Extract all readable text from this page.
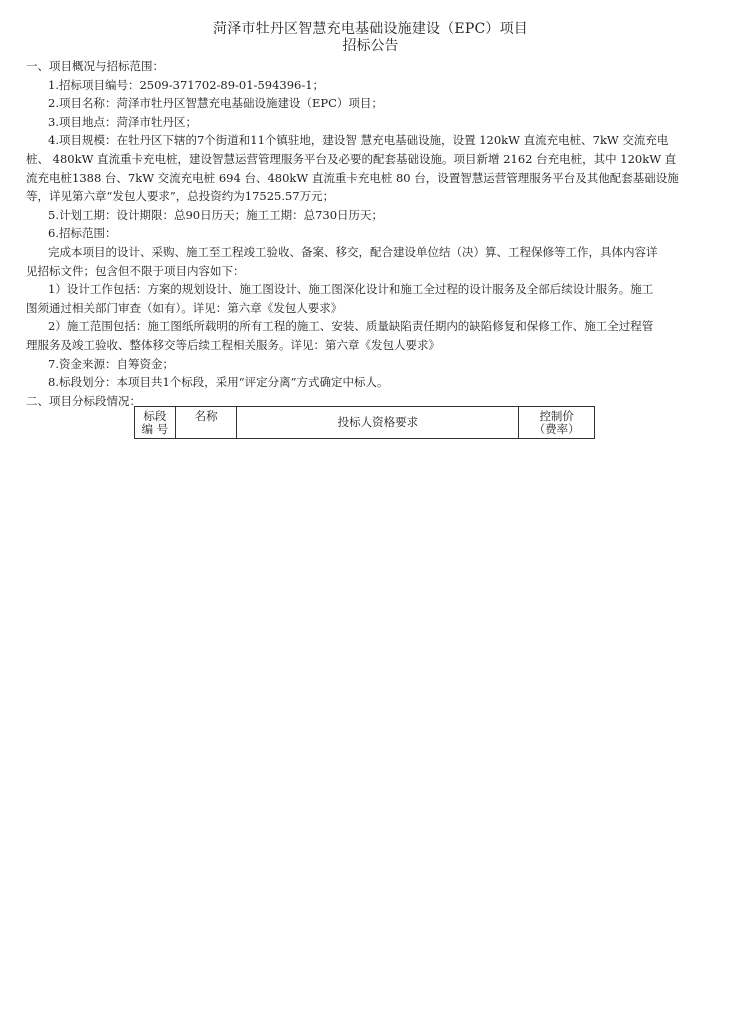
菏泽市牡丹区智慧充电基础设施建设（EPC）项目
招标公告
一、项目概况与招标范围：
1.招标项目编号：2509-371702-89-01-594396-1；
2.项目名称：菏泽市牡丹区智慧充电基础设施建设（EPC）项目；
3.项目地点：菏泽市牡丹区；
4.项目规模：在牡丹区下辖的7个街道和11个镇驻地，建设智 慧充电基础设施，设置 120kW 直流充电桩、7kW 交流充电
桩、 480kW 直流重卡充电桩，建设智慧运营管理服务平台及必要的配套基础设施。项目新增 2162 台充电桩，其中 120kW 直
流充电桩1388 台、7kW 交流充电桩 694 台、480kW 直流重卡充电桩 80 台，设置智慧运营管理服务平台及其他配套基础设施
等，详见第六章“发包人要求”，总投资约为17525.57万元；
5.计划工期：设计期限：总90日历天；施工工期：总730日历天；
6.招标范围：
完成本项目的设计、采购、施工至工程竣工验收、备案、移交，配合建设单位结（决）算、工程保修等工作，具体内容详
见招标文件；包含但不限于项目内容如下：
1）设计工作包括：方案的规划设计、施工图设计、施工图深化设计和施工全过程的设计服务及全部后续设计服务。施工
图须通过相关部门审查（如有）。详见：第六章《发包人要求》
2）施工范围包括：施工图纸所载明的所有工程的施工、安装、质量缺陷责任期内的缺陷修复和保修工作、施工全过程管
理服务及竣工验收、整体移交等后续工程相关服务。详见：第六章《发包人要求》
7.资金来源：自筹资金；
8.标段划分：本项目共1个标段，采用“评定分离”方式确定中标人。
二、项目分标段情况：
标段
编 号
	名称	投标人资格要求	控制价
（费率）
